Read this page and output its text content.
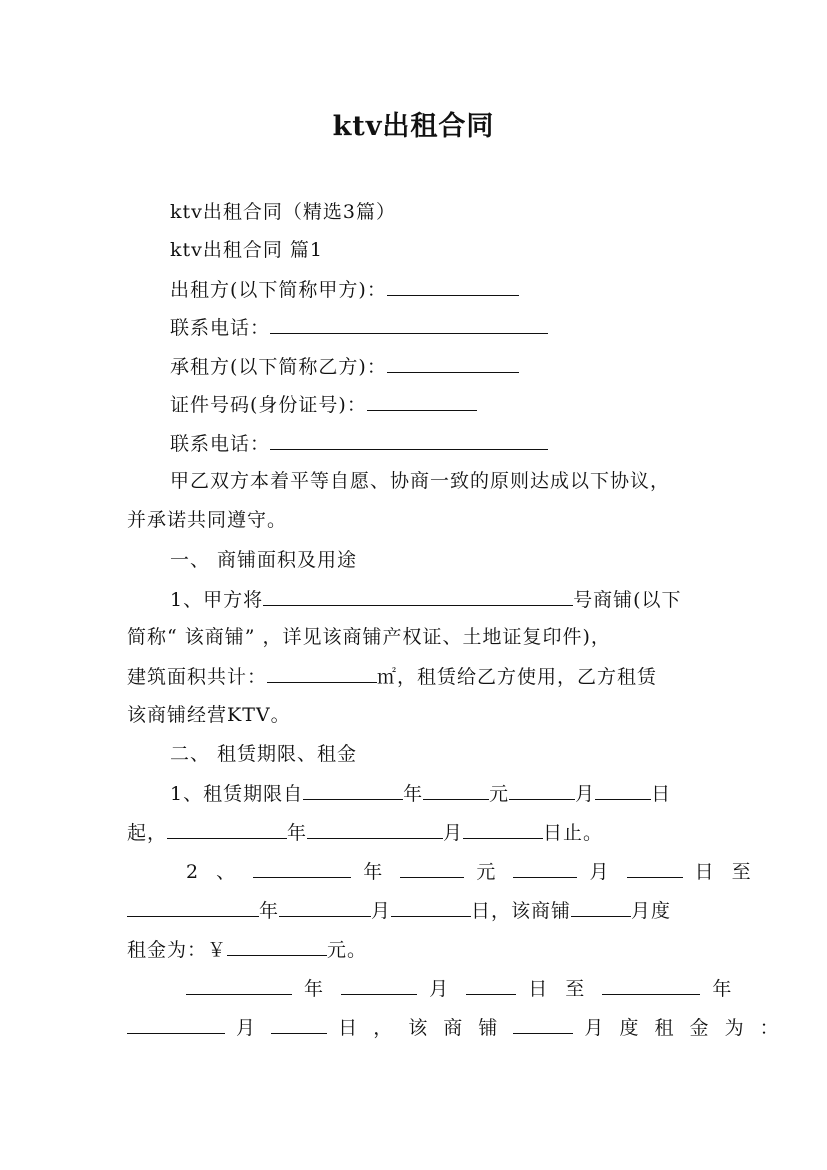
ktv出租合同
ktv出租合同（精选3篇）
ktv出租合同 篇1
出租方(以下简称甲方)：
联系电话：
承租方(以下简称乙方)：
证件号码(身份证号)：
联系电话：
甲乙双方本着平等自愿、协商一致的原则达成以下协议，
并承诺共同遵守。
一、 商铺面积及用途
1、甲方将	号商铺(以下
简称“ 该商铺” ，详见该商铺产权证、土地证复印件)，
建筑面积共计：	㎡，租赁给乙方使用，乙方租赁
该商铺经营KTV。
二、 租赁期限、租金
1、租赁期限自	年	元	月	日
起，	年	月	日止。
2 、	年	元	月	日 至
年	月	日，该商铺	月度
租金为：￥	元。
年	月	日 至	年
月	日 ， 该 商 铺	月 度 租 金 为 ：
